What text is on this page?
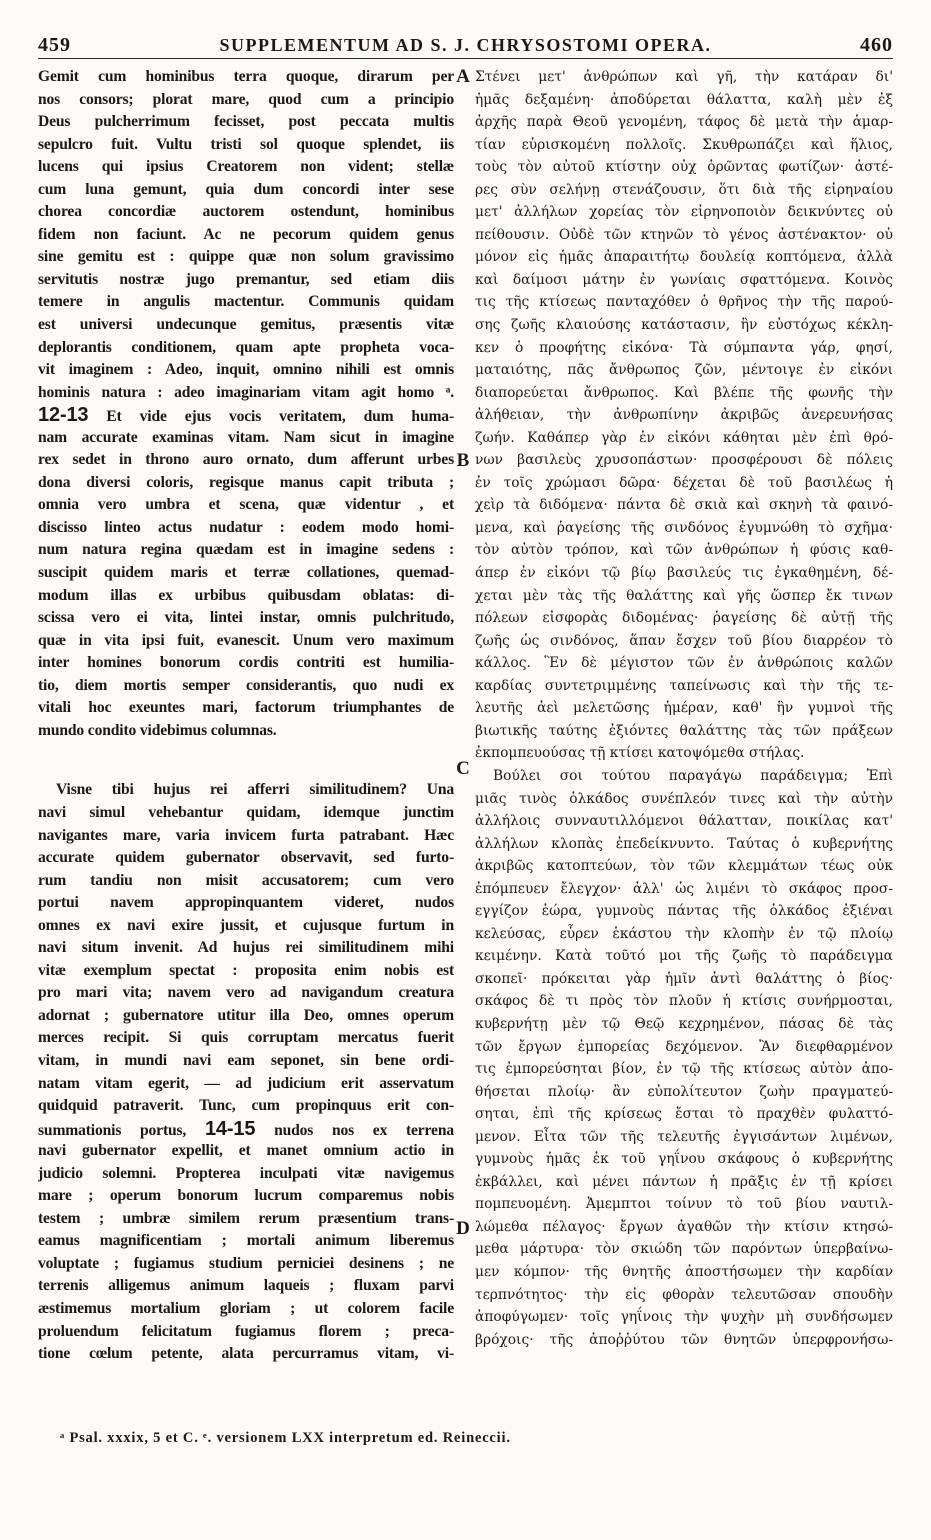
459	SUPPLEMENTUM AD S. J. CHRYSOSTOMI OPERA.	460
Gemit cum hominibus terra quoque, dirarum per
nos consors; plorat mare, quod cum a principio
Deus pulcherrimum fecisset, post peccata multis
sepulcro fuit. Vultu tristi sol quoque splendet, iis
lucens qui ipsius Creatorem non vident; stellæ
cum luna gemunt, quia dum concordi inter sese
chorea concordiæ auctorem ostendunt, hominibus
fidem non faciunt. Ac ne pecorum quidem genus
sine gemitu est : quippe quæ non solum gravissimo
servitutis nostræ jugo premantur, sed etiam diis
temere in angulis mactentur. Communis quidam
est universi undecunque gemitus, præsentis vitæ
deplorantis conditionem, quam apte propheta voca-
vit imaginem : Adeo, inquit, omnino nihili est omnis
hominis natura : adeo imaginariam vitam agit homo ᵃ.
12-13 Et vide ejus vocis veritatem, dum huma-
nam accurate examinas vitam. Nam sicut in imagine
rex sedet in throno auro ornato, dum afferunt urbes
dona diversi coloris, regisque manus capit tributa ;
omnia vero umbra et scena, quæ videntur , et
discisso linteo actus nudatur : eodem modo homi-
num natura regina quædam est in imagine sedens :
suscipit quidem maris et terræ collationes, quemad-
modum illas ex urbibus quibusdam oblatas: di-
scissa vero ei vita, lintei instar, omnis pulchritudo,
quæ in vita ipsi fuit, evanescit. Unum vero maximum
inter homines bonorum cordis contriti est humilia-
tio, diem mortis semper considerantis, quo nudi ex
vitali hoc exeuntes mari, factorum triumphantes de
mundo condito videbimus columnas.
Visne tibi hujus rei afferri similitudinem? Una
navi simul vehebantur quidam, idemque junctim
navigantes mare, varia invicem furta patrabant. Hæc
accurate quidem gubernator observavit, sed furto-
rum tandiu non misit accusatorem; cum vero
portui navem appropinquantem videret, nudos
omnes ex navi exire jussit, et cujusque furtum in
navi situm invenit. Ad hujus rei similitudinem mihi
vitæ exemplum spectat : proposita enim nobis est
pro mari vita; navem vero ad navigandum creatura
adornat ; gubernatore utitur illa Deo, omnes operum
merces recipit. Si quis corruptam mercatus fuerit
vitam, in mundi navi eam seponet, sin bene ordi-
natam vitam egerit, — ad judicium erit asservatum
quidquid patraverit. Tunc, cum propinquus erit con-
summationis portus, 14-15 nudos nos ex terrena
navi gubernator expellit, et manet omnium actio in
judicio solemni. Propterea inculpati vitæ navigemus
mare ; operum bonorum lucrum comparemus nobis
testem ; umbræ similem rerum præsentium trans-
eamus magnificentiam ; mortali animum liberemus
voluptate ; fugiamus studium perniciei desinens ; ne
terrenis alligemus animum laqueis ; fluxam parvi
æstimemus mortalium gloriam ; ut colorem facile
proluendum felicitatum fugiamus florem ; preca-
tione cœlum petente, alata percurramus vitam, vi-
A
B
C
D
Στένει μετ' ἀνθρώπων καὶ γῆ, τὴν κατάραν δι'
ἡμᾶς δεξαμένη· ἀποδύρεται θάλαττα, καλὴ μὲν ἐξ
ἀρχῆς παρὰ Θεοῦ γενομένη, τάφος δὲ μετὰ τὴν ἁμαρ-
τίαν εὑρισκομένη πολλοῖς. Σκυθρωπάζει καὶ ἥλιος,
τοὺς τὸν αὐτοῦ κτίστην οὐχ ὁρῶντας φωτίζων· ἀστέ-
ρες σὺν σελήνῃ στενάζουσιν, ὅτι διὰ τῆς εἰρηναίου
μετ' ἀλλήλων χορείας τὸν εἰρηνοποιὸν δεικνύντες οὐ
πείθουσιν. Οὐδὲ τῶν κτηνῶν τὸ γένος ἀστένακτον· οὐ
μόνον εἰς ἡμᾶς ἀπαραιτήτῳ δουλείᾳ κοπτόμενα, ἀλλὰ
καὶ δαίμοσι μάτην ἐν γωνίαις σφαττόμενα. Κοινὸς
τις τῆς κτίσεως πανταχόθεν ὁ θρῆνος τὴν τῆς παρού-
σης ζωῆς κλαιούσης κατάστασιν, ἣν εὐστόχως κέκλη-
κεν ὁ προφήτης εἰκόνα· Τὰ σύμπαντα γάρ, φησί,
ματαιότης, πᾶς ἄνθρωπος ζῶν, μέντοιγε ἐν εἰκόνι
διαπορεύεται ἄνθρωπος. Καὶ βλέπε τῆς φωνῆς τὴν
ἀλήθειαν, τὴν ἀνθρωπίνην ἀκριβῶς ἀνερευνήσας
ζωήν. Καθάπερ γὰρ ἐν εἰκόνι κάθηται μὲν ἐπὶ θρό-
νων βασιλεὺς χρυσοπάστων· προσφέρουσι δὲ πόλεις
ἐν τοῖς χρώμασι δῶρα· δέχεται δὲ τοῦ βασιλέως ἡ
χεὶρ τὰ διδόμενα· πάντα δὲ σκιὰ καὶ σκηνὴ τὰ φαινό-
μενα, καὶ ῥαγείσης τῆς σινδόνος ἐγυμνώθη τὸ σχῆμα·
τὸν αὐτὸν τρόπον, καὶ τῶν ἀνθρώπων ἡ φύσις καθ-
άπερ ἐν εἰκόνι τῷ βίῳ βασιλεύς τις ἐγκαθημένη, δέ-
χεται μὲν τὰς τῆς θαλάττης καὶ γῆς ὥσπερ ἔκ τινων
πόλεων εἰσφορὰς διδομένας· ῥαγείσης δὲ αὐτῇ τῆς
ζωῆς ὡς σινδόνος, ἅπαν ἔσχεν τοῦ βίου διαρρέον τὸ
κάλλος. Ἓν δὲ μέγιστον τῶν ἐν ἀνθρώποις καλῶν
καρδίας συντετριμμένης ταπείνωσις καὶ τὴν τῆς τε-
λευτῆς ἀεὶ μελετῶσης ἡμέραν, καθ' ἣν γυμνοὶ τῆς
βιωτικῆς ταύτης ἐξιόντες θαλάττης τὰς τῶν πράξεων
ἐκπομπευούσας τῇ κτίσει κατοψόμεθα στήλας.
Βούλει σοι τούτου παραγάγω παράδειγμα; Ἐπὶ
μιᾶς τινὸς ὁλκάδος συνέπλεόν τινες καὶ τὴν αὐτὴν
ἀλλήλοις συνναυτιλλόμενοι θάλατταν, ποικίλας κατ'
ἀλλήλων κλοπὰς ἐπεδείκνυντο. Ταύτας ὁ κυβερνήτης
ἀκριβῶς κατοπτεύων, τὸν τῶν κλεμμάτων τέως οὐκ
ἐπόμπευεν ἔλεγχον· ἀλλ' ὡς λιμένι τὸ σκάφος προσ-
εγγίζον ἑώρα, γυμνοὺς πάντας τῆς ὁλκάδος ἐξιέναι
κελεύσας, εὗρεν ἑκάστου τὴν κλοπὴν ἐν τῷ πλοίῳ
κειμένην. Κατὰ τοῦτό μοι τῆς ζωῆς τὸ παράδειγμα
σκοπεῖ· πρόκειται γὰρ ἡμῖν ἀντὶ θαλάττης ὁ βίος·
σκάφος δὲ τι πρὸς τὸν πλοῦν ἡ κτίσις συνήρμοσται,
κυβερνήτῃ μὲν τῷ Θεῷ κεχρημένον, πάσας δὲ τὰς
τῶν ἔργων ἐμπορείας δεχόμενον. Ἂν διεφθαρμένον
τις ἐμπορεύσηται βίον, ἐν τῷ τῆς κτίσεως αὐτὸν ἀπο-
θήσεται πλοίῳ· ἂν εὐπολίτευτον ζωὴν πραγματεύ-
σηται, ἐπὶ τῆς κρίσεως ἔσται τὸ πραχθὲν φυλαττό-
μενον. Εἶτα τῶν τῆς τελευτῆς ἐγγισάντων λιμένων,
γυμνοὺς ἡμᾶς ἐκ τοῦ γηΐνου σκάφους ὁ κυβερνήτης
ἐκβάλλει, καὶ μένει πάντων ἡ πρᾶξις ἐν τῇ κρίσει
πομπευομένη. Ἀμεμπτοι τοίνυν τὸ τοῦ βίου ναυτιλ-
λώμεθα πέλαγος· ἔργων ἀγαθῶν τὴν κτίσιν κτησώ-
μεθα μάρτυρα· τὸν σκιώδη τῶν παρόντων ὑπερβαίνω-
μεν κόμπον· τῆς θνητῆς ἀποστήσωμεν τὴν καρδίαν
τερπνότητος· τὴν εἰς φθορὰν τελευτῶσαν σπουδὴν
ἀποφύγωμεν· τοῖς γηΐνοις τὴν ψυχὴν μὴ συνδήσωμεν
βρόχοις· τῆς ἀποῤῥύτου τῶν θνητῶν ὑπερφρονήσω-
ᵃ Psal. xxxix, 5 et C. ᵉ. versionem LXX interpretum ed. Reineccii.
